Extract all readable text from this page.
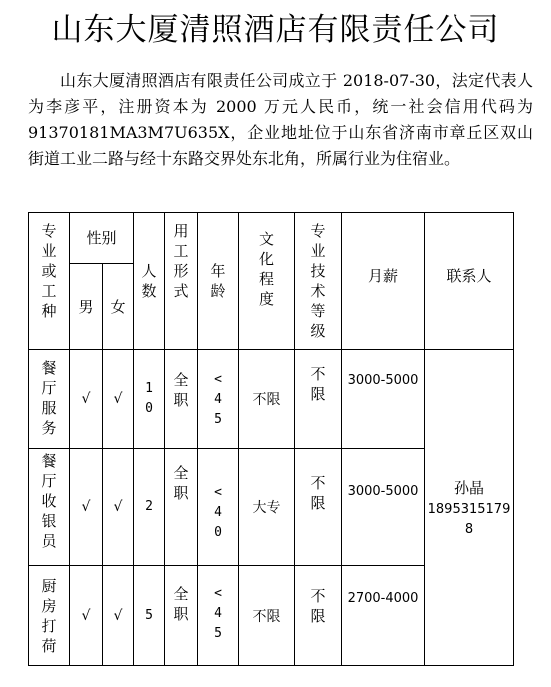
山东大厦清照酒店有限责任公司
山东大厦清照酒店有限责任公司成立于 2018-07-30，法定代表人为李彦平，注册资本为 2000 万元人民币，统一社会信用代码为 91370181MA3M7U635X，企业地址位于山东省济南市章丘区双山街道工业二路与经十东路交界处东北角，所属行业为住宿业。
专业或工种	性别		人数	用工形式	年龄	文化程度	专业技术等级	月薪	联系人
	男	女							
餐厅服务	√	√	10	全职	<45	不限	不限	3000-5000	孙晶
18953151798
餐厅收银员	√	√	2	全职	<40	大专	不限	3000-5000	
厨房打荷	√	√	5	全职	<45	不限	不限	2700-4000	
